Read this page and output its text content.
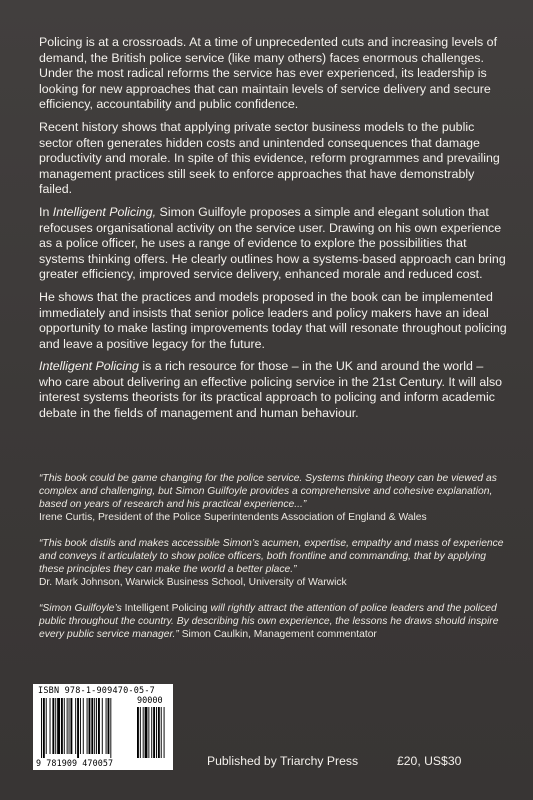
Policing is at a crossroads. At a time of unprecedented cuts and increasing levels of demand, the British police service (like many others) faces enormous challenges. Under the most radical reforms the service has ever experienced, its leadership is looking for new approaches that can maintain levels of service delivery and secure efficiency, accountability and public confidence.

Recent history shows that applying private sector business models to the public sector often generates hidden costs and unintended consequences that damage productivity and morale. In spite of this evidence, reform programmes and prevailing management practices still seek to enforce approaches that have demonstrably failed.

In Intelligent Policing, Simon Guilfoyle proposes a simple and elegant solution that refocuses organisational activity on the service user. Drawing on his own experience as a police officer, he uses a range of evidence to explore the possibilities that systems thinking offers. He clearly outlines how a systems-based approach can bring greater efficiency, improved service delivery, enhanced morale and reduced cost.

He shows that the practices and models proposed in the book can be implemented immediately and insists that senior police leaders and policy makers have an ideal opportunity to make lasting improvements today that will resonate throughout policing and leave a positive legacy for the future.

Intelligent Policing is a rich resource for those – in the UK and around the world – who care about delivering an effective policing service in the 21st Century. It will also interest systems theorists for its practical approach to policing and inform academic debate in the fields of management and human behaviour.

“This book could be game changing for the police service. Systems thinking theory can be viewed as complex and challenging, but Simon Guilfoyle provides a comprehensive and cohesive explanation, based on years of research and his practical experience...”
Irene Curtis, President of the Police Superintendents Association of England & Wales
“This book distils and makes accessible Simon’s acumen, expertise, empathy and mass of experience and conveys it articulately to show police officers, both frontline and commanding, that by applying these principles they can make the world a better place.”
Dr. Mark Johnson, Warwick Business School, University of Warwick
“Simon Guilfoyle’s Intelligent Policing will rightly attract the attention of police leaders and the policed public throughout the country. By describing his own experience, the lessons he draws should inspire every public service manager.” Simon Caulkin, Management commentator
ISBN 978-1-909470-05-7
90000
9 781909 470057	Published by Triarchy Press	£20, US$30
